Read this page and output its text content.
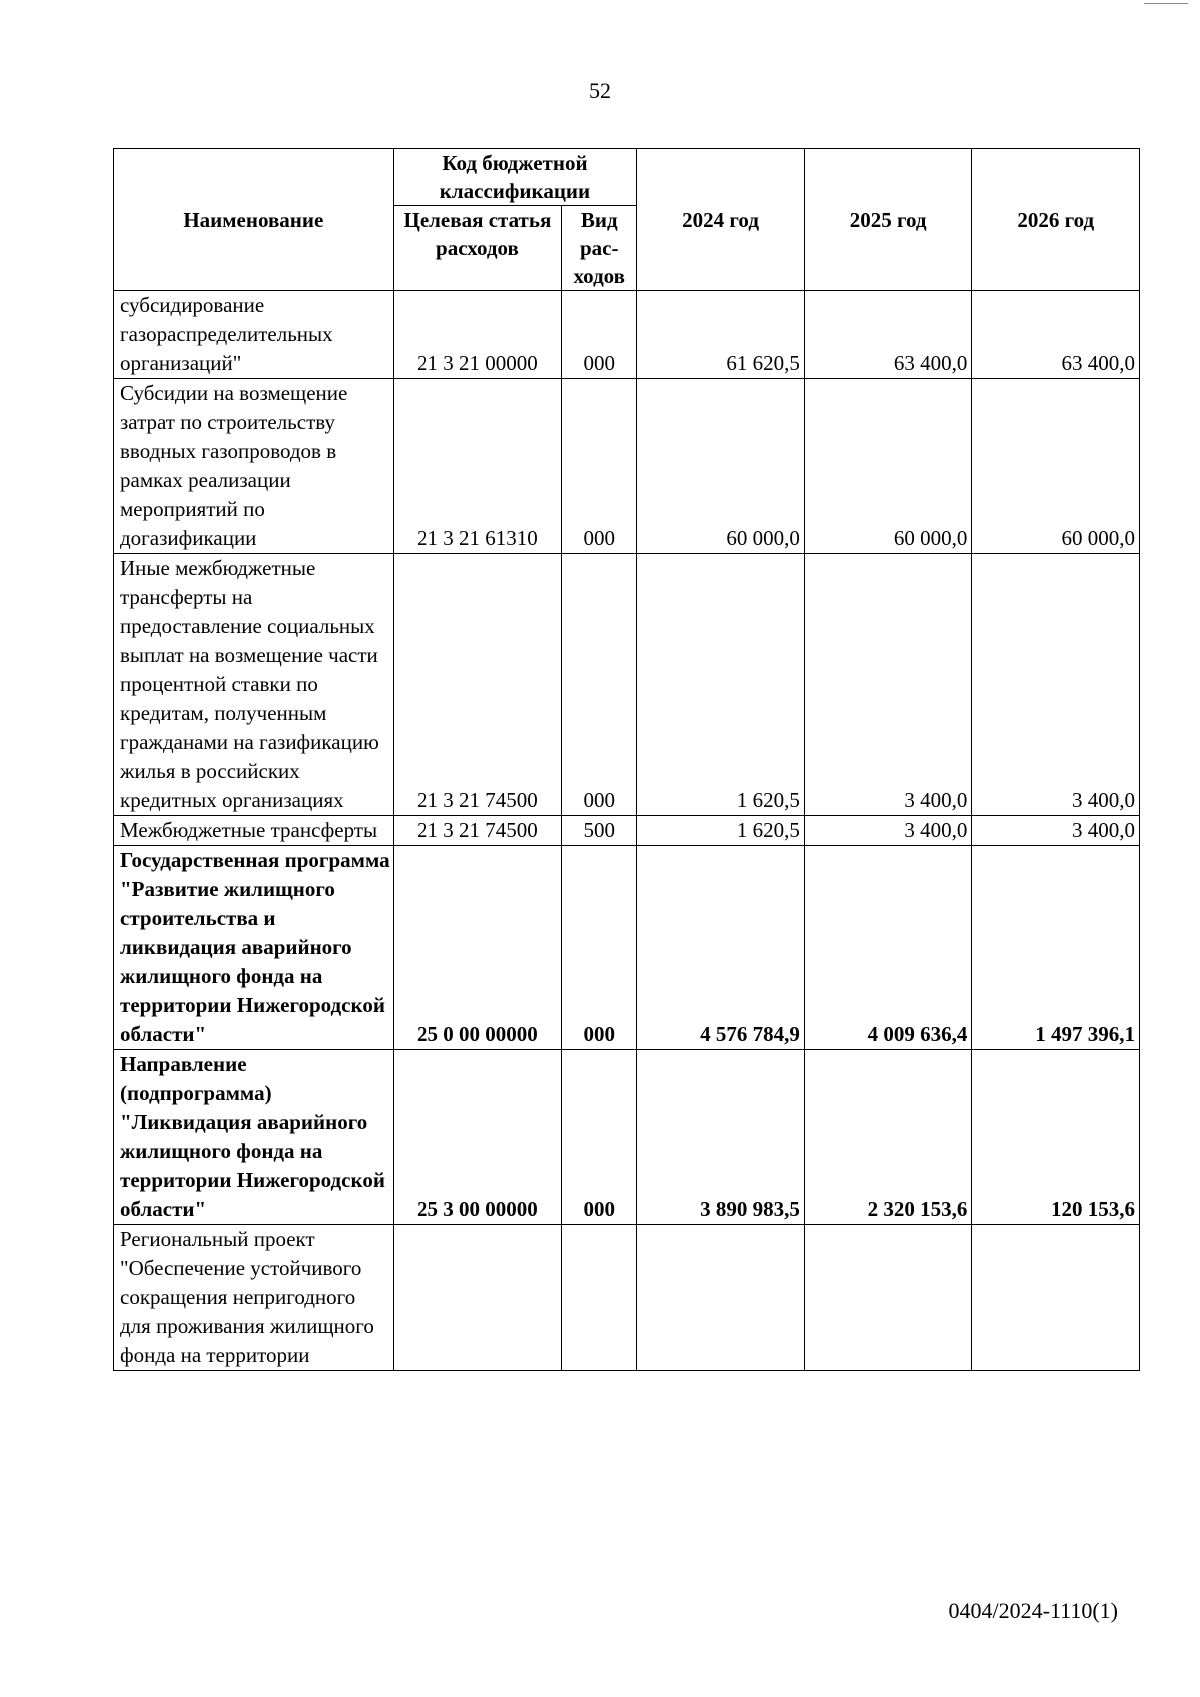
52
Наименование	Код бюджетной классификации		2024 год	2025 год	2026 год
	Целевая статья расходов	Вид рас-ходов			
субсидирование газораспределительных организаций"	21 3 21 00000	000	61 620,5	63 400,0	63 400,0
Субсидии на возмещение затрат по строительству вводных газопроводов в рамках реализации мероприятий по догазификации	21 3 21 61310	000	60 000,0	60 000,0	60 000,0
Иные межбюджетные трансферты на предоставление социальных выплат на возмещение части процентной ставки по кредитам, полученным гражданами на газификацию жилья в российских кредитных организациях	21 3 21 74500	000	1 620,5	3 400,0	3 400,0
Межбюджетные трансферты	21 3 21 74500	500	1 620,5	3 400,0	3 400,0
Государственная программа "Развитие жилищного строительства и ликвидация аварийного жилищного фонда на территории Нижегородской области"	25 0 00 00000	000	4 576 784,9	4 009 636,4	1 497 396,1
Направление (подпрограмма) "Ликвидация аварийного жилищного фонда на территории Нижегородской области"	25 3 00 00000	000	3 890 983,5	2 320 153,6	120 153,6
Региональный проект "Обеспечение устойчивого сокращения непригодного для проживания жилищного фонда на территории					
0404/2024-1110(1)
